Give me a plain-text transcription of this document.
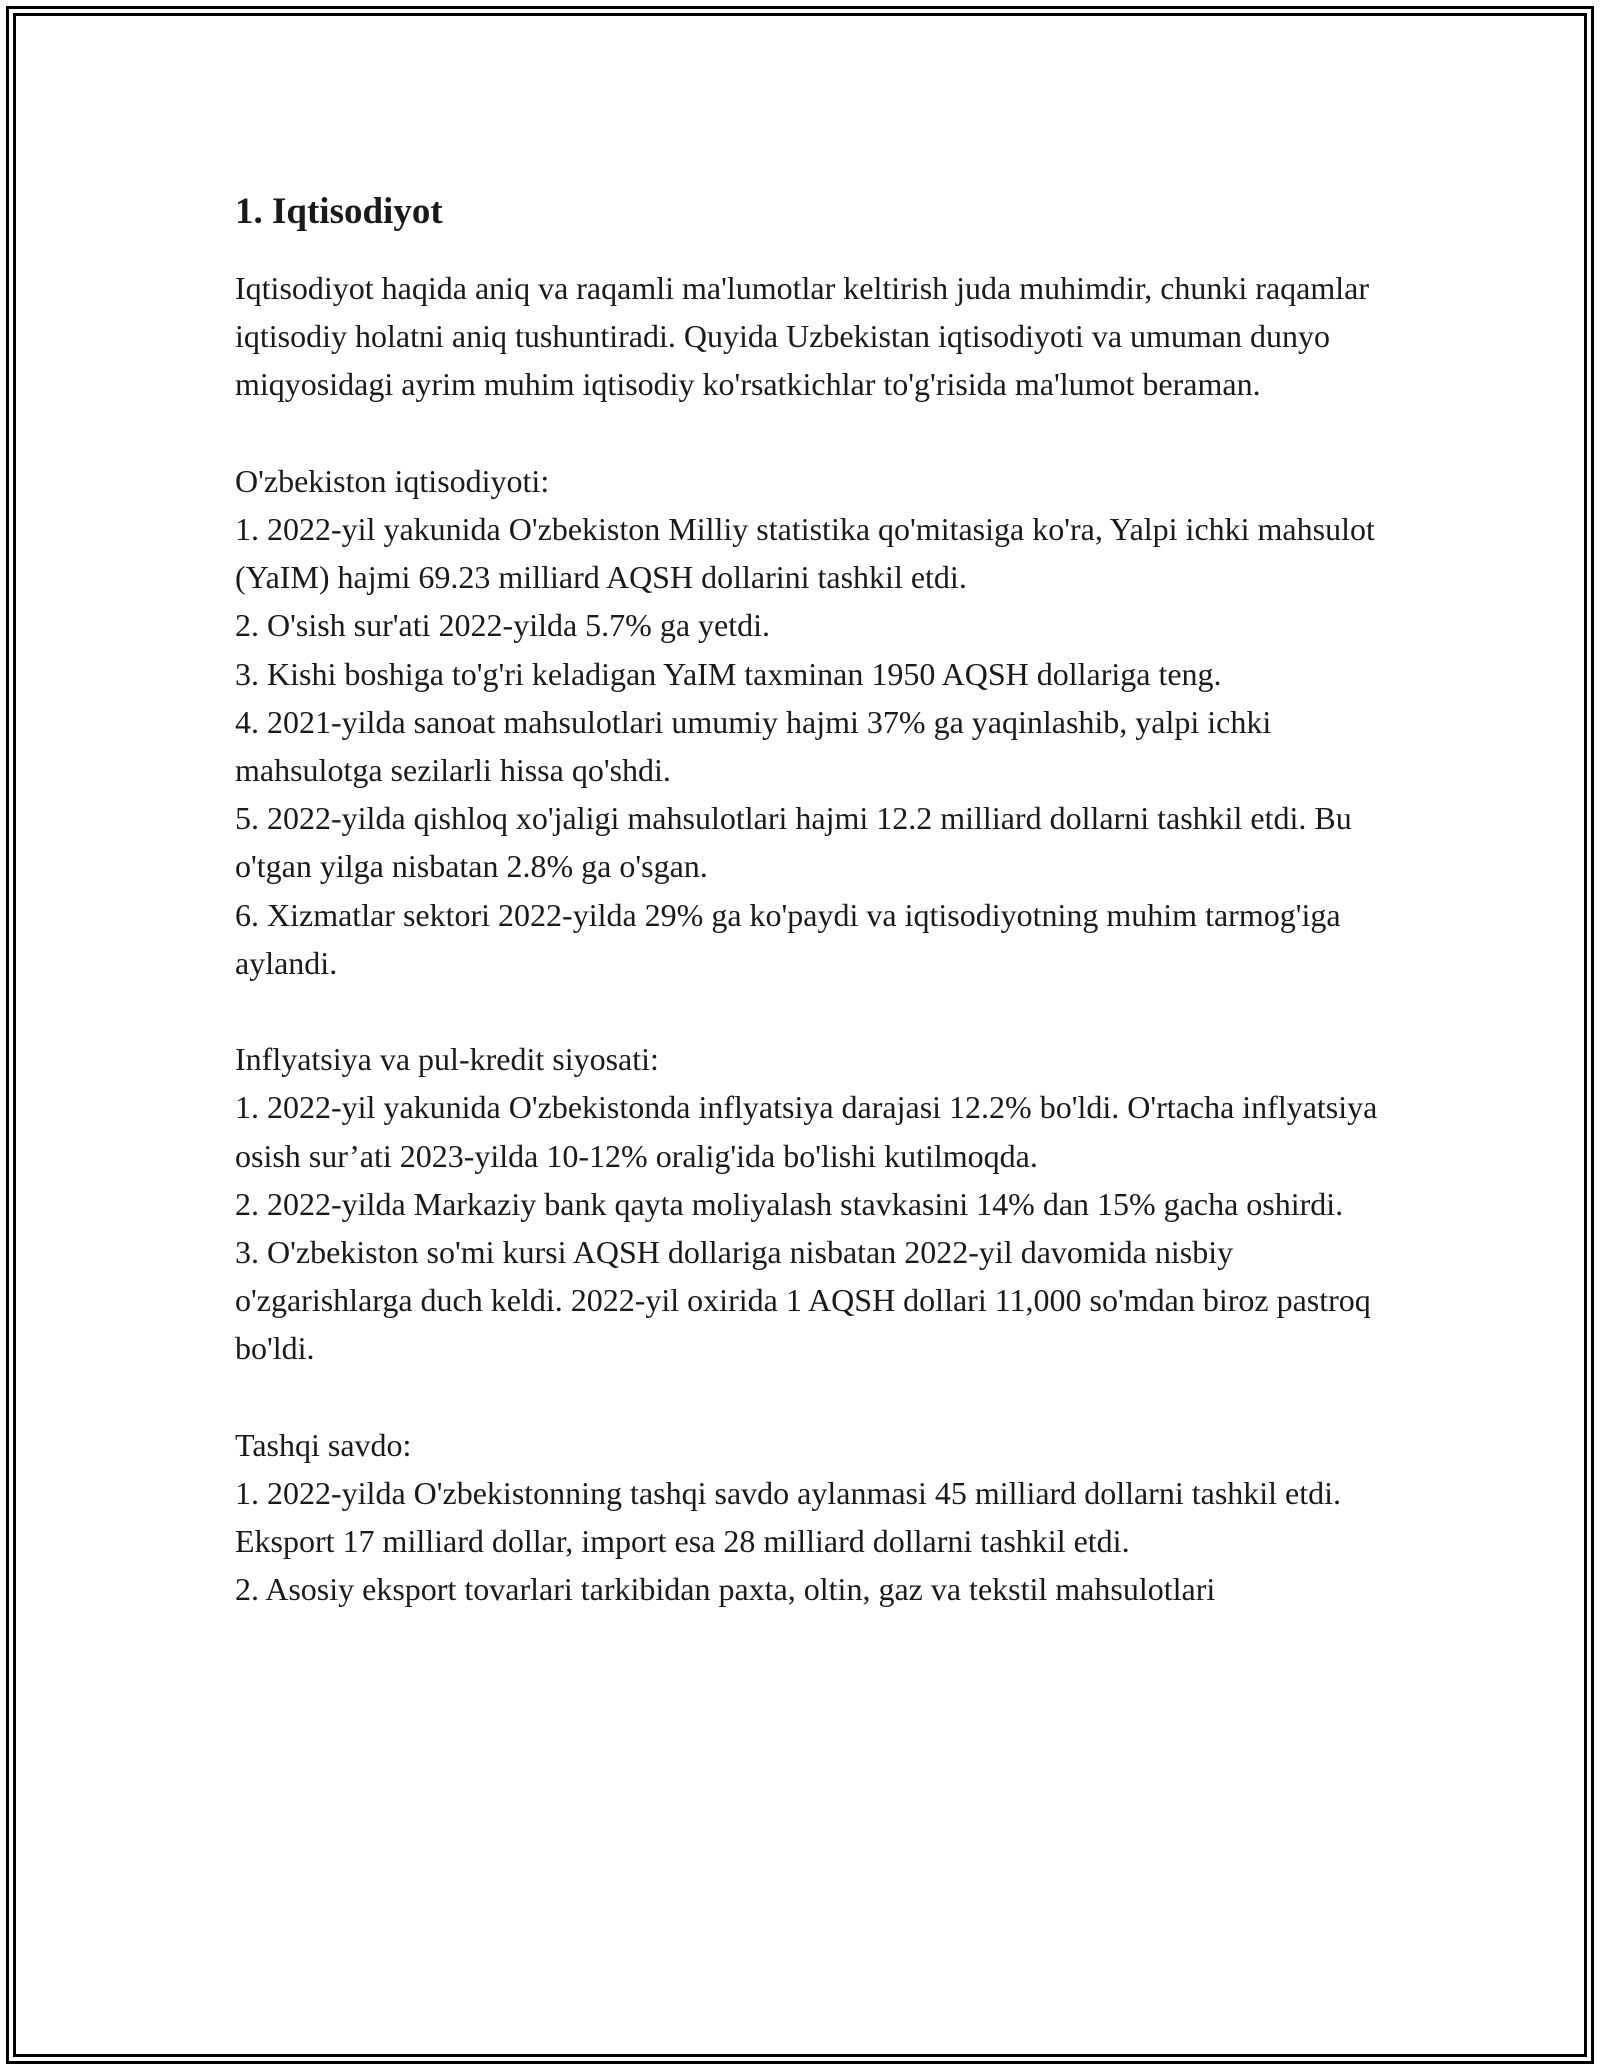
1. Iqtisodiyot

Iqtisodiyot haqida aniq va raqamli ma'lumotlar keltirish juda muhimdir, chunki raqamlar iqtisodiy holatni aniq tushuntiradi. Quyida Uzbekistan iqtisodiyoti va umuman dunyo miqyosidagi ayrim muhim iqtisodiy ko'rsatkichlar to'g'risida ma'lumot beraman.

O'zbekiston iqtisodiyoti:

1. 2022-yil yakunida O'zbekiston Milliy statistika qo'mitasiga ko'ra, Yalpi ichki mahsulot (YaIM) hajmi 69.23 milliard AQSH dollarini tashkil etdi.
2. O'sish sur'ati 2022-yilda 5.7% ga yetdi.
3. Kishi boshiga to'g'ri keladigan YaIM taxminan 1950 AQSH dollariga teng.
4. 2021-yilda sanoat mahsulotlari umumiy hajmi 37% ga yaqinlashib, yalpi ichki mahsulotga sezilarli hissa qo'shdi.
5. 2022-yilda qishloq xo'jaligi mahsulotlari hajmi 12.2 milliard dollarni tashkil etdi. Bu o'tgan yilga nisbatan 2.8% ga o'sgan.
6. Xizmatlar sektori 2022-yilda 29% ga ko'paydi va iqtisodiyotning muhim tarmog'iga aylandi.

Inflyatsiya va pul-kredit siyosati:

1. 2022-yil yakunida O'zbekistonda inflyatsiya darajasi 12.2% bo'ldi. O'rtacha inflyatsiya osish sur’ati 2023-yilda 10-12% oralig'ida bo'lishi kutilmoqda.
2. 2022-yilda Markaziy bank qayta moliyalash stavkasini 14% dan 15% gacha oshirdi.
3. O'zbekiston so'mi kursi AQSH dollariga nisbatan 2022-yil davomida nisbiy o'zgarishlarga duch keldi. 2022-yil oxirida 1 AQSH dollari 11,000 so'mdan biroz pastroq bo'ldi.

Tashqi savdo:

1. 2022-yilda O'zbekistonning tashqi savdo aylanmasi 45 milliard dollarni tashkil etdi. Eksport 17 milliard dollar, import esa 28 milliard dollarni tashkil etdi.
2. Asosiy eksport tovarlari tarkibidan paxta, oltin, gaz va tekstil mahsulotlari
